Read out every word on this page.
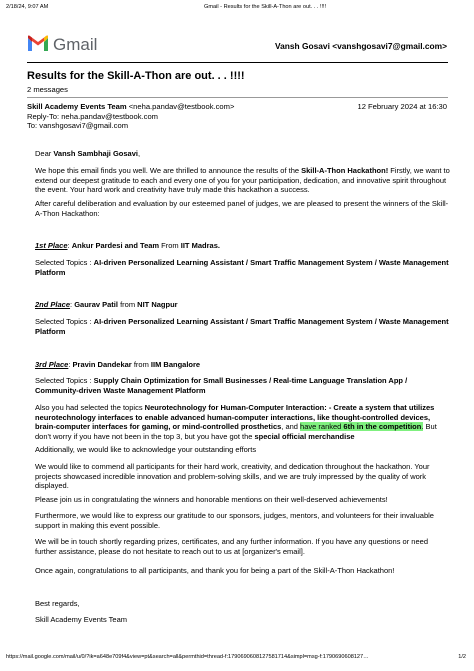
2/18/24, 9:07 AM	Gmail - Results for the Skill-A-Thon are out. . . !!!!
Gmail	Vansh Gosavi <vanshgosavi7@gmail.com>
Results for the Skill-A-Thon are out. . . !!!!
2 messages
Skill Academy Events Team <neha.pandav@testbook.com>
Reply-To: neha.pandav@testbook.com
To: vanshgosavi7@gmail.com
12 February 2024 at 16:30
Dear Vansh Sambhaji Gosavi,
We hope this email finds you well. We are thrilled to announce the results of the Skill-A-Thon Hackathon! Firstly, we want to extend our deepest gratitude to each and every one of you for your participation, dedication, and innovative spirit throughout the event. Your hard work and creativity have truly made this hackathon a success.
After careful deliberation and evaluation by our esteemed panel of judges, we are pleased to present the winners of the Skill-A-Thon Hackathon:
1st Place: Ankur Pardesi and Team From IIT Madras.
Selected Topics : AI-driven Personalized Learning Assistant / Smart Traffic Management System / Waste Management Platform
2nd Place: Gaurav Patil from NIT Nagpur
Selected Topics : AI-driven Personalized Learning Assistant / Smart Traffic Management System / Waste Management Platform
3rd Place: Pravin Dandekar from IIM Bangalore
Selected Topics : Supply Chain Optimization for Small Businesses / Real-time Language Translation App / Community-driven Waste Management Platform
Also you had selected the topics Neurotechnology for Human-Computer Interaction: - Create a system that utilizes neurotechnology interfaces to enable advanced human-computer interactions, like thought-controlled devices, brain-computer interfaces for gaming, or mind-controlled prosthetics, and have ranked 6th in the competition. But don't worry if you have not been in the top 3, but you have got the special official merchandise
Additionally, we would like to acknowledge your outstanding efforts
We would like to commend all participants for their hard work, creativity, and dedication throughout the hackathon. Your projects showcased incredible innovation and problem-solving skills, and we are truly impressed by the quality of work displayed.
Please join us in congratulating the winners and honorable mentions on their well-deserved achievements!
Furthermore, we would like to express our gratitude to our sponsors, judges, mentors, and volunteers for their invaluable support in making this event possible.
We will be in touch shortly regarding prizes, certificates, and any further information. If you have any questions or need further assistance, please do not hesitate to reach out to us at [organizer's email].
Once again, congratulations to all participants, and thank you for being a part of the Skill-A-Thon Hackathon!
Best regards,
Skill Academy Events Team
https://mail.google.com/mail/u/0/?ik=a648e709f4&view=pt&search=all&permthid=thread-f:1790690608127581714&simpl=msg-f:1790690608127…	1/2
